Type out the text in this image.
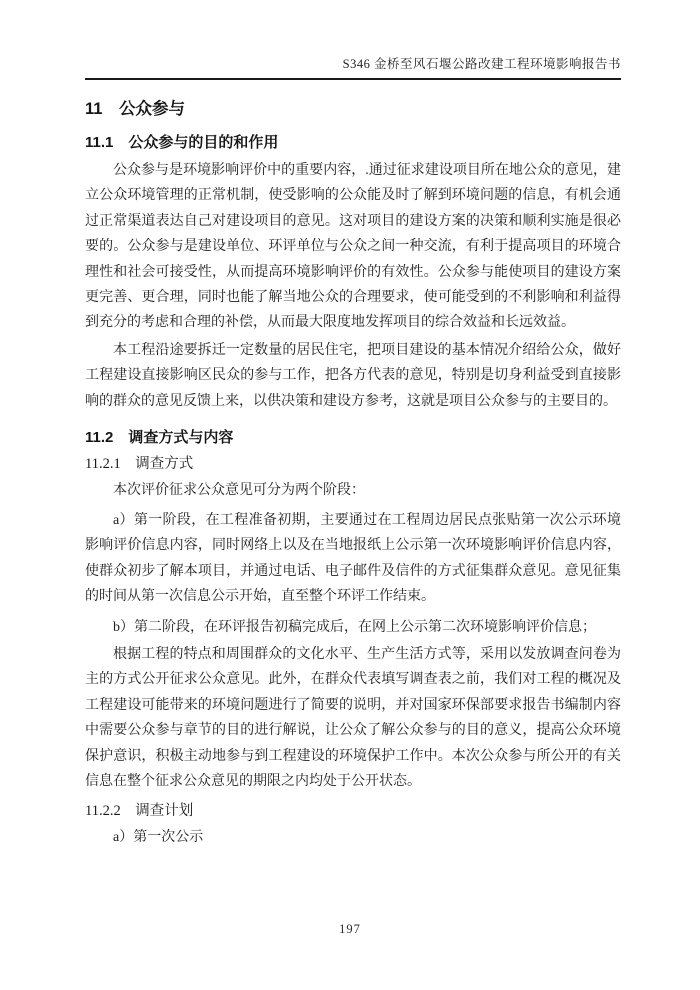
S346 金桥至风石堰公路改建工程环境影响报告书
11　公众参与
11.1　公众参与的目的和作用

公众参与是环境影响评价中的重要内容，.通过征求建设项目所在地公众的意见，建立公众环境管理的正常机制，使受影响的公众能及时了解到环境问题的信息，有机会通过正常渠道表达自己对建设项目的意见。这对项目的建设方案的决策和顺利实施是很必要的。公众参与是建设单位、环评单位与公众之间一种交流，有利于提高项目的环境合理性和社会可接受性，从而提高环境影响评价的有效性。公众参与能使项目的建设方案更完善、更合理，同时也能了解当地公众的合理要求，使可能受到的不利影响和利益得到充分的考虑和合理的补偿，从而最大限度地发挥项目的综合效益和长远效益。

本工程沿途要拆迁一定数量的居民住宅，把项目建设的基本情况介绍给公众，做好工程建设直接影响区民众的参与工作，把各方代表的意见，特别是切身利益受到直接影响的群众的意见反馈上来，以供决策和建设方参考，这就是项目公众参与的主要目的。

11.2　调查方式与内容
11.2.1　调查方式

本次评价征求公众意见可分为两个阶段：

a）第一阶段，在工程准备初期，主要通过在工程周边居民点张贴第一次公示环境影响评价信息内容，同时网络上以及在当地报纸上公示第一次环境影响评价信息内容，使群众初步了解本项目，并通过电话、电子邮件及信件的方式征集群众意见。意见征集的时间从第一次信息公示开始，直至整个环评工作结束。

b）第二阶段，在环评报告初稿完成后，在网上公示第二次环境影响评价信息；

根据工程的特点和周围群众的文化水平、生产生活方式等，采用以发放调查问卷为主的方式公开征求公众意见。此外，在群众代表填写调查表之前，我们对工程的概况及工程建设可能带来的环境问题进行了简要的说明，并对国家环保部要求报告书编制内容中需要公众参与章节的目的进行解说，让公众了解公众参与的目的意义，提高公众环境保护意识，积极主动地参与到工程建设的环境保护工作中。本次公众参与所公开的有关信息在整个征求公众意见的期限之内均处于公开状态。

11.2.2　调查计划

a）第一次公示

197
